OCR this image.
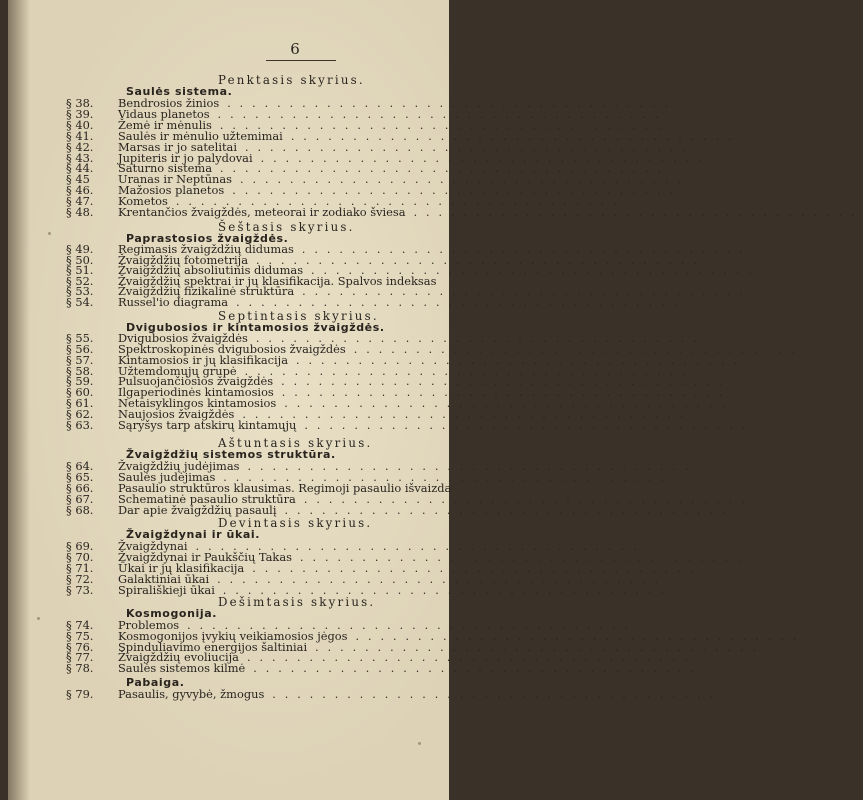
6
Penktasis skyrius.
Saulės sistema.
§ 38.	Bendrosios žinios ....................................
§ 39.	Vidaus planetos ....................................
§ 40.	Žemė ir mėnulis ....................................
§ 41.	Saulės ir mėnulio užtemimai ....................................
§ 42.	Marsas ir jo satelitai ....................................
§ 43.	Jupiteris ir jo palydovai ....................................
§ 44.	Saturno sistema ....................................
§ 45	Uranas ir Neptūnas ....................................
§ 46.	Mažosios planetos ....................................
§ 47.	Kometos ....................................
§ 48.	Krentančios žvaigždės, meteorai ir zodiako šviesa ....................................
Šeštasis skyrius.
Paprastosios žvaigždės.
§ 49.	Regimasis žvaigždžių didumas ....................................
§ 50.	Žvaigždžių fotometrija ....................................
§ 51.	Žvaigždžių absoliutinis didumas ....................................
§ 52.	Žvaigždžių spektrai ir jų klasifikacija. Spalvos indeksas
§ 53.	Žvaigždžių fizikalinė struktūra ....................................
§ 54.	Russel'io diagrama ....................................
Septintasis skyrius.
Dvigubosios ir kintamosios žvaigždės.
§ 55.	Dvigubosios žvaigždės ....................................
§ 56.	Spektroskopinės dvigubosios žvaigždės ....................................
§ 57.	Kintamosios ir jų klasifikacija ....................................
§ 58.	Užtemdomųjų grupė ....................................
§ 59.	Pulsuojančiosios žvaigždės ....................................
§ 60.	Ilgaperiodinės kintamosios ....................................
§ 61.	Netaisyklingos kintamosios ....................................
§ 62.	Naujosios žvaigždės ....................................
§ 63.	Sąryšys tarp atskirų kintamųjų ....................................
Aštuntasis skyrius.
Žvaigždžių sistemos struktūra.
§ 64.	Žvaigždžių judėjimas ....................................
§ 65.	Saulės judėjimas ....................................
§ 66.	Pasaulio struktūros klausimas. Regimoji pasaulio išvaizda
§ 67.	Schematinė pasaulio struktūra ....................................
§ 68.	Dar apie žvaigždžių pasaulį ....................................
Devintasis skyrius.
Žvaigždynai ir ūkai.
§ 69.	Žvaigždynai ....................................
§ 70.	Žvaigždynai ir Paukščių Takas ....................................
§ 71.	Ūkai ir jų klasifikacija ....................................
§ 72.	Galaktiniai ūkai ....................................
§ 73.	Spirališkieji ūkai ....................................
Dešimtasis skyrius.
Kosmogonija.
§ 74.	Problemos ....................................
§ 75.	Kosmogonijos įvykių veikiamosios jėgos ....................................
§ 76.	Spinduliavimo energijos šaltiniai ....................................
§ 77.	Žvaigždžių evoliucija ....................................
§ 78.	Saulės sistemos kilmė ....................................
Pabaiga.
§ 79.	Pasaulis, gyvybė, žmogus ....................................
